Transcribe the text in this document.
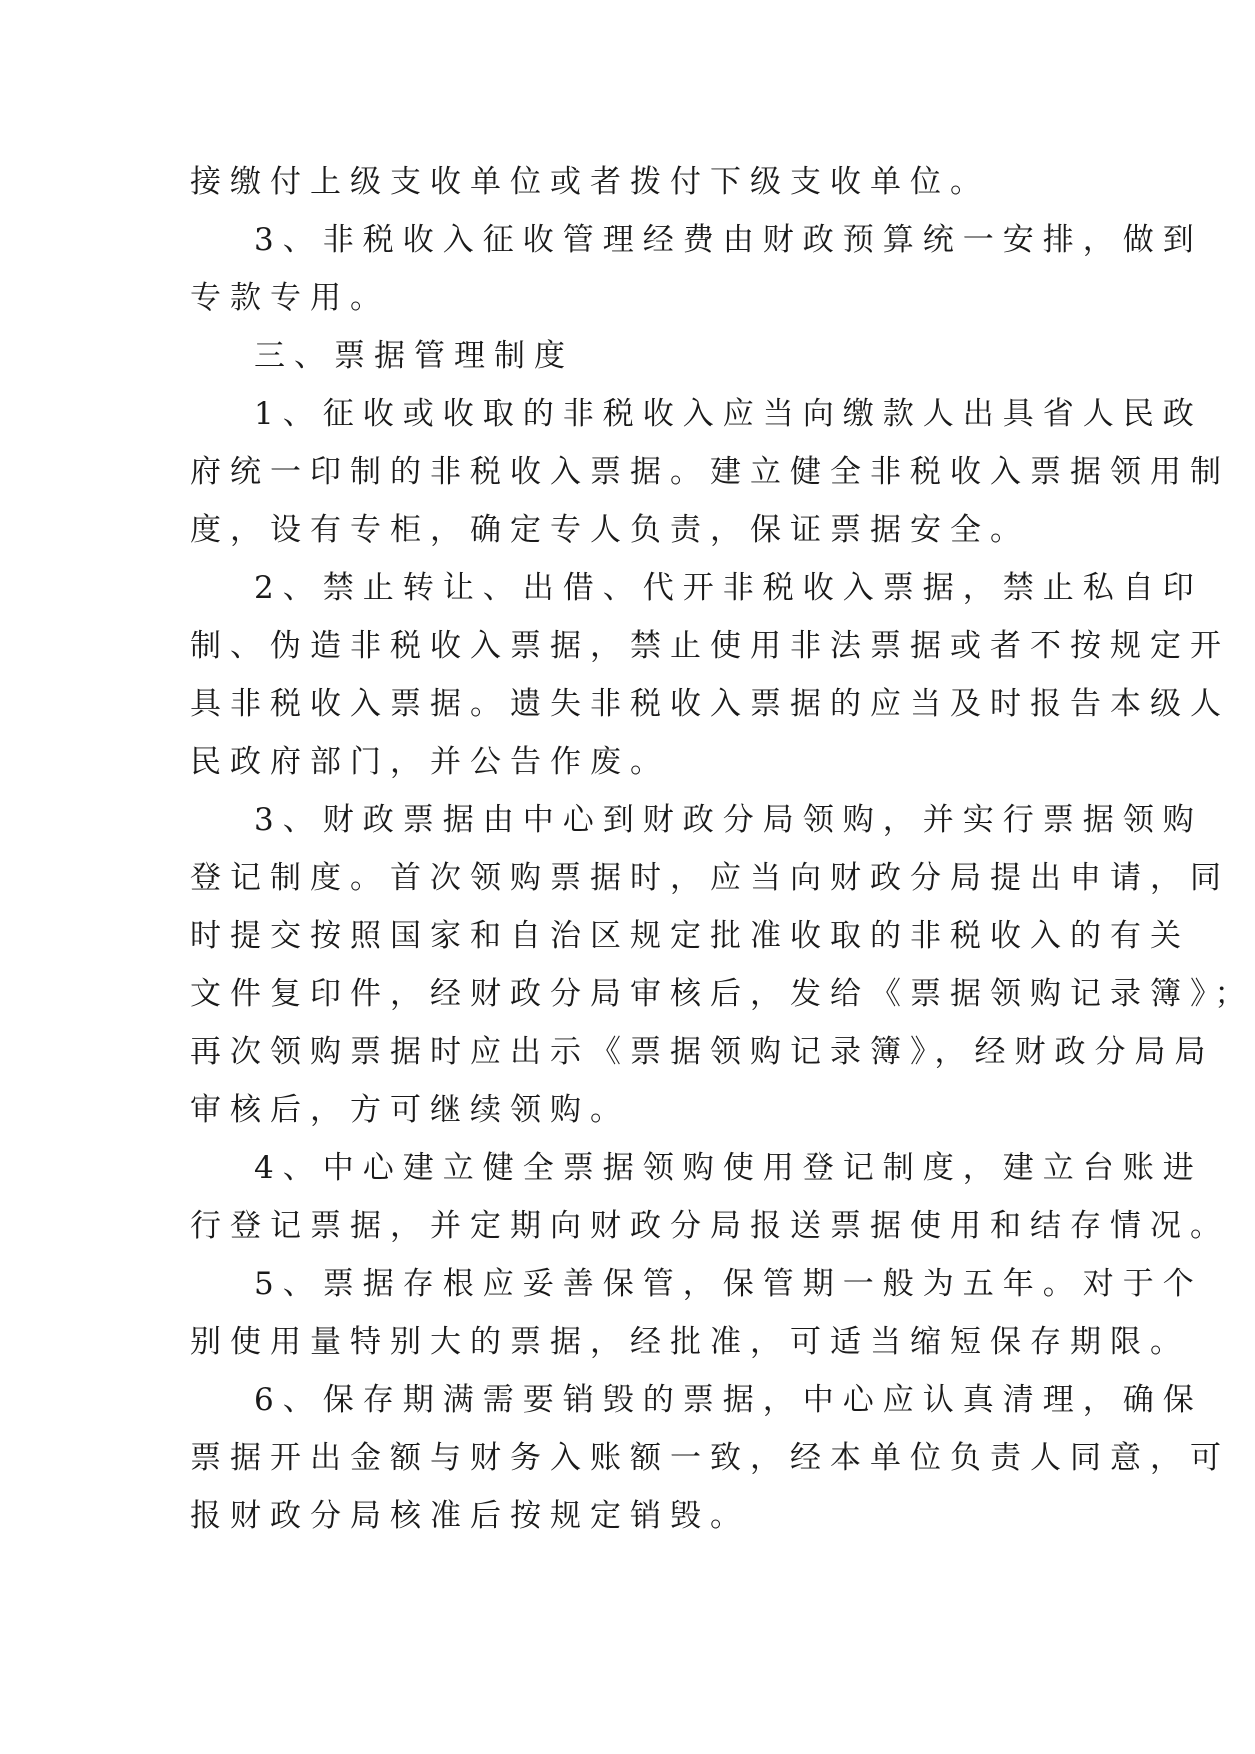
接缴付上级支收单位或者拨付下级支收单位。
3、非税收入征收管理经费由财政预算统一安排，做到
专款专用。
三、票据管理制度
1、征收或收取的非税收入应当向缴款人出具省人民政
府统一印制的非税收入票据。建立健全非税收入票据领用制
度，设有专柜，确定专人负责，保证票据安全。
2、禁止转让、出借、代开非税收入票据，禁止私自印
制、伪造非税收入票据，禁止使用非法票据或者不按规定开
具非税收入票据。遗失非税收入票据的应当及时报告本级人
民政府部门，并公告作废。
3、财政票据由中心到财政分局领购，并实行票据领购
登记制度。首次领购票据时，应当向财政分局提出申请，同
时提交按照国家和自治区规定批准收取的非税收入的有关
文件复印件，经财政分局审核后，发给《票据领购记录簿》；
再次领购票据时应出示《票据领购记录簿》，经财政分局局
审核后，方可继续领购。
4、中心建立健全票据领购使用登记制度，建立台账进
行登记票据，并定期向财政分局报送票据使用和结存情况。
5、票据存根应妥善保管，保管期一般为五年。对于个
别使用量特别大的票据，经批准，可适当缩短保存期限。
6、保存期满需要销毁的票据，中心应认真清理，确保
票据开出金额与财务入账额一致，经本单位负责人同意，可
报财政分局核准后按规定销毁。
